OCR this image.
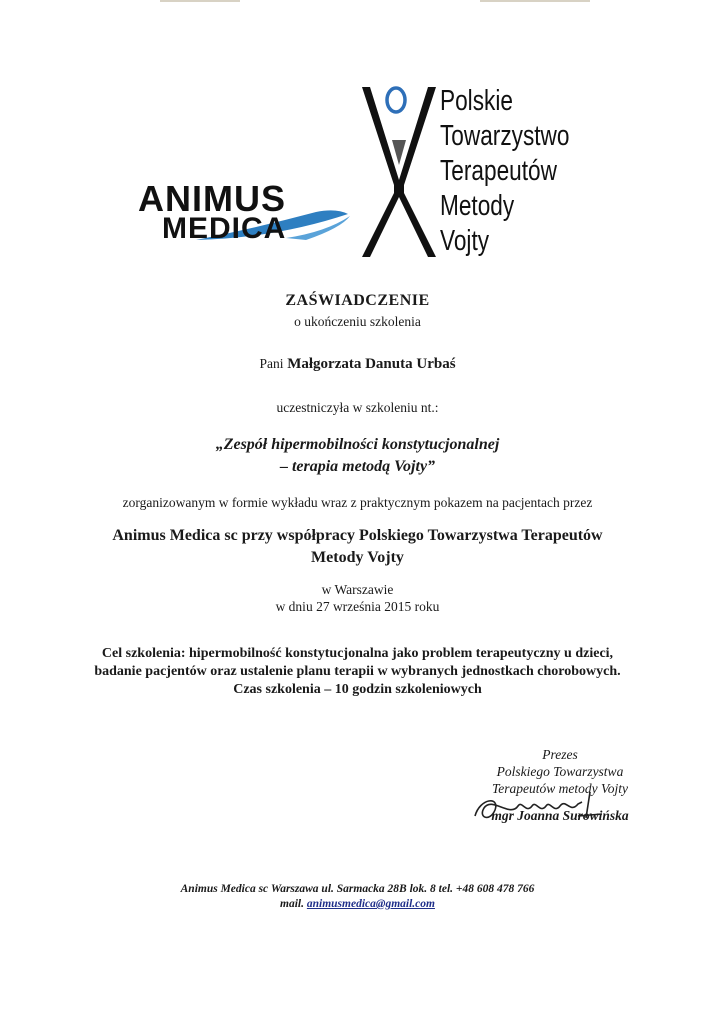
ANIMUS
MEDICA
Polskie
Towarzystwo
Terapeutów
Metody
Vojty
ZAŚWIADCZENIE
o ukończeniu szkolenia
Pani Małgorzata Danuta Urbaś
uczestniczyła w szkoleniu nt.:
„Zespół hipermobilności konstytucjonalnej
– terapia metodą Vojty”
zorganizowanym w formie wykładu wraz z praktycznym pokazem na pacjentach przez
Animus Medica sc przy współpracy Polskiego Towarzystwa Terapeutów
Metody Vojty
w Warszawie
w dniu 27 września 2015 roku
Cel szkolenia: hipermobilność konstytucjonalna jako problem terapeutyczny u dzieci,
badanie pacjentów oraz ustalenie planu terapii w wybranych jednostkach chorobowych.
Czas szkolenia – 10 godzin szkoleniowych
Prezes
Polskiego Towarzystwa
Terapeutów metody Vojty
mgr Joanna Surowińska
Animus Medica sc Warszawa ul. Sarmacka 28B lok. 8 tel. +48 608 478 766
mail. animusmedica@gmail.com
